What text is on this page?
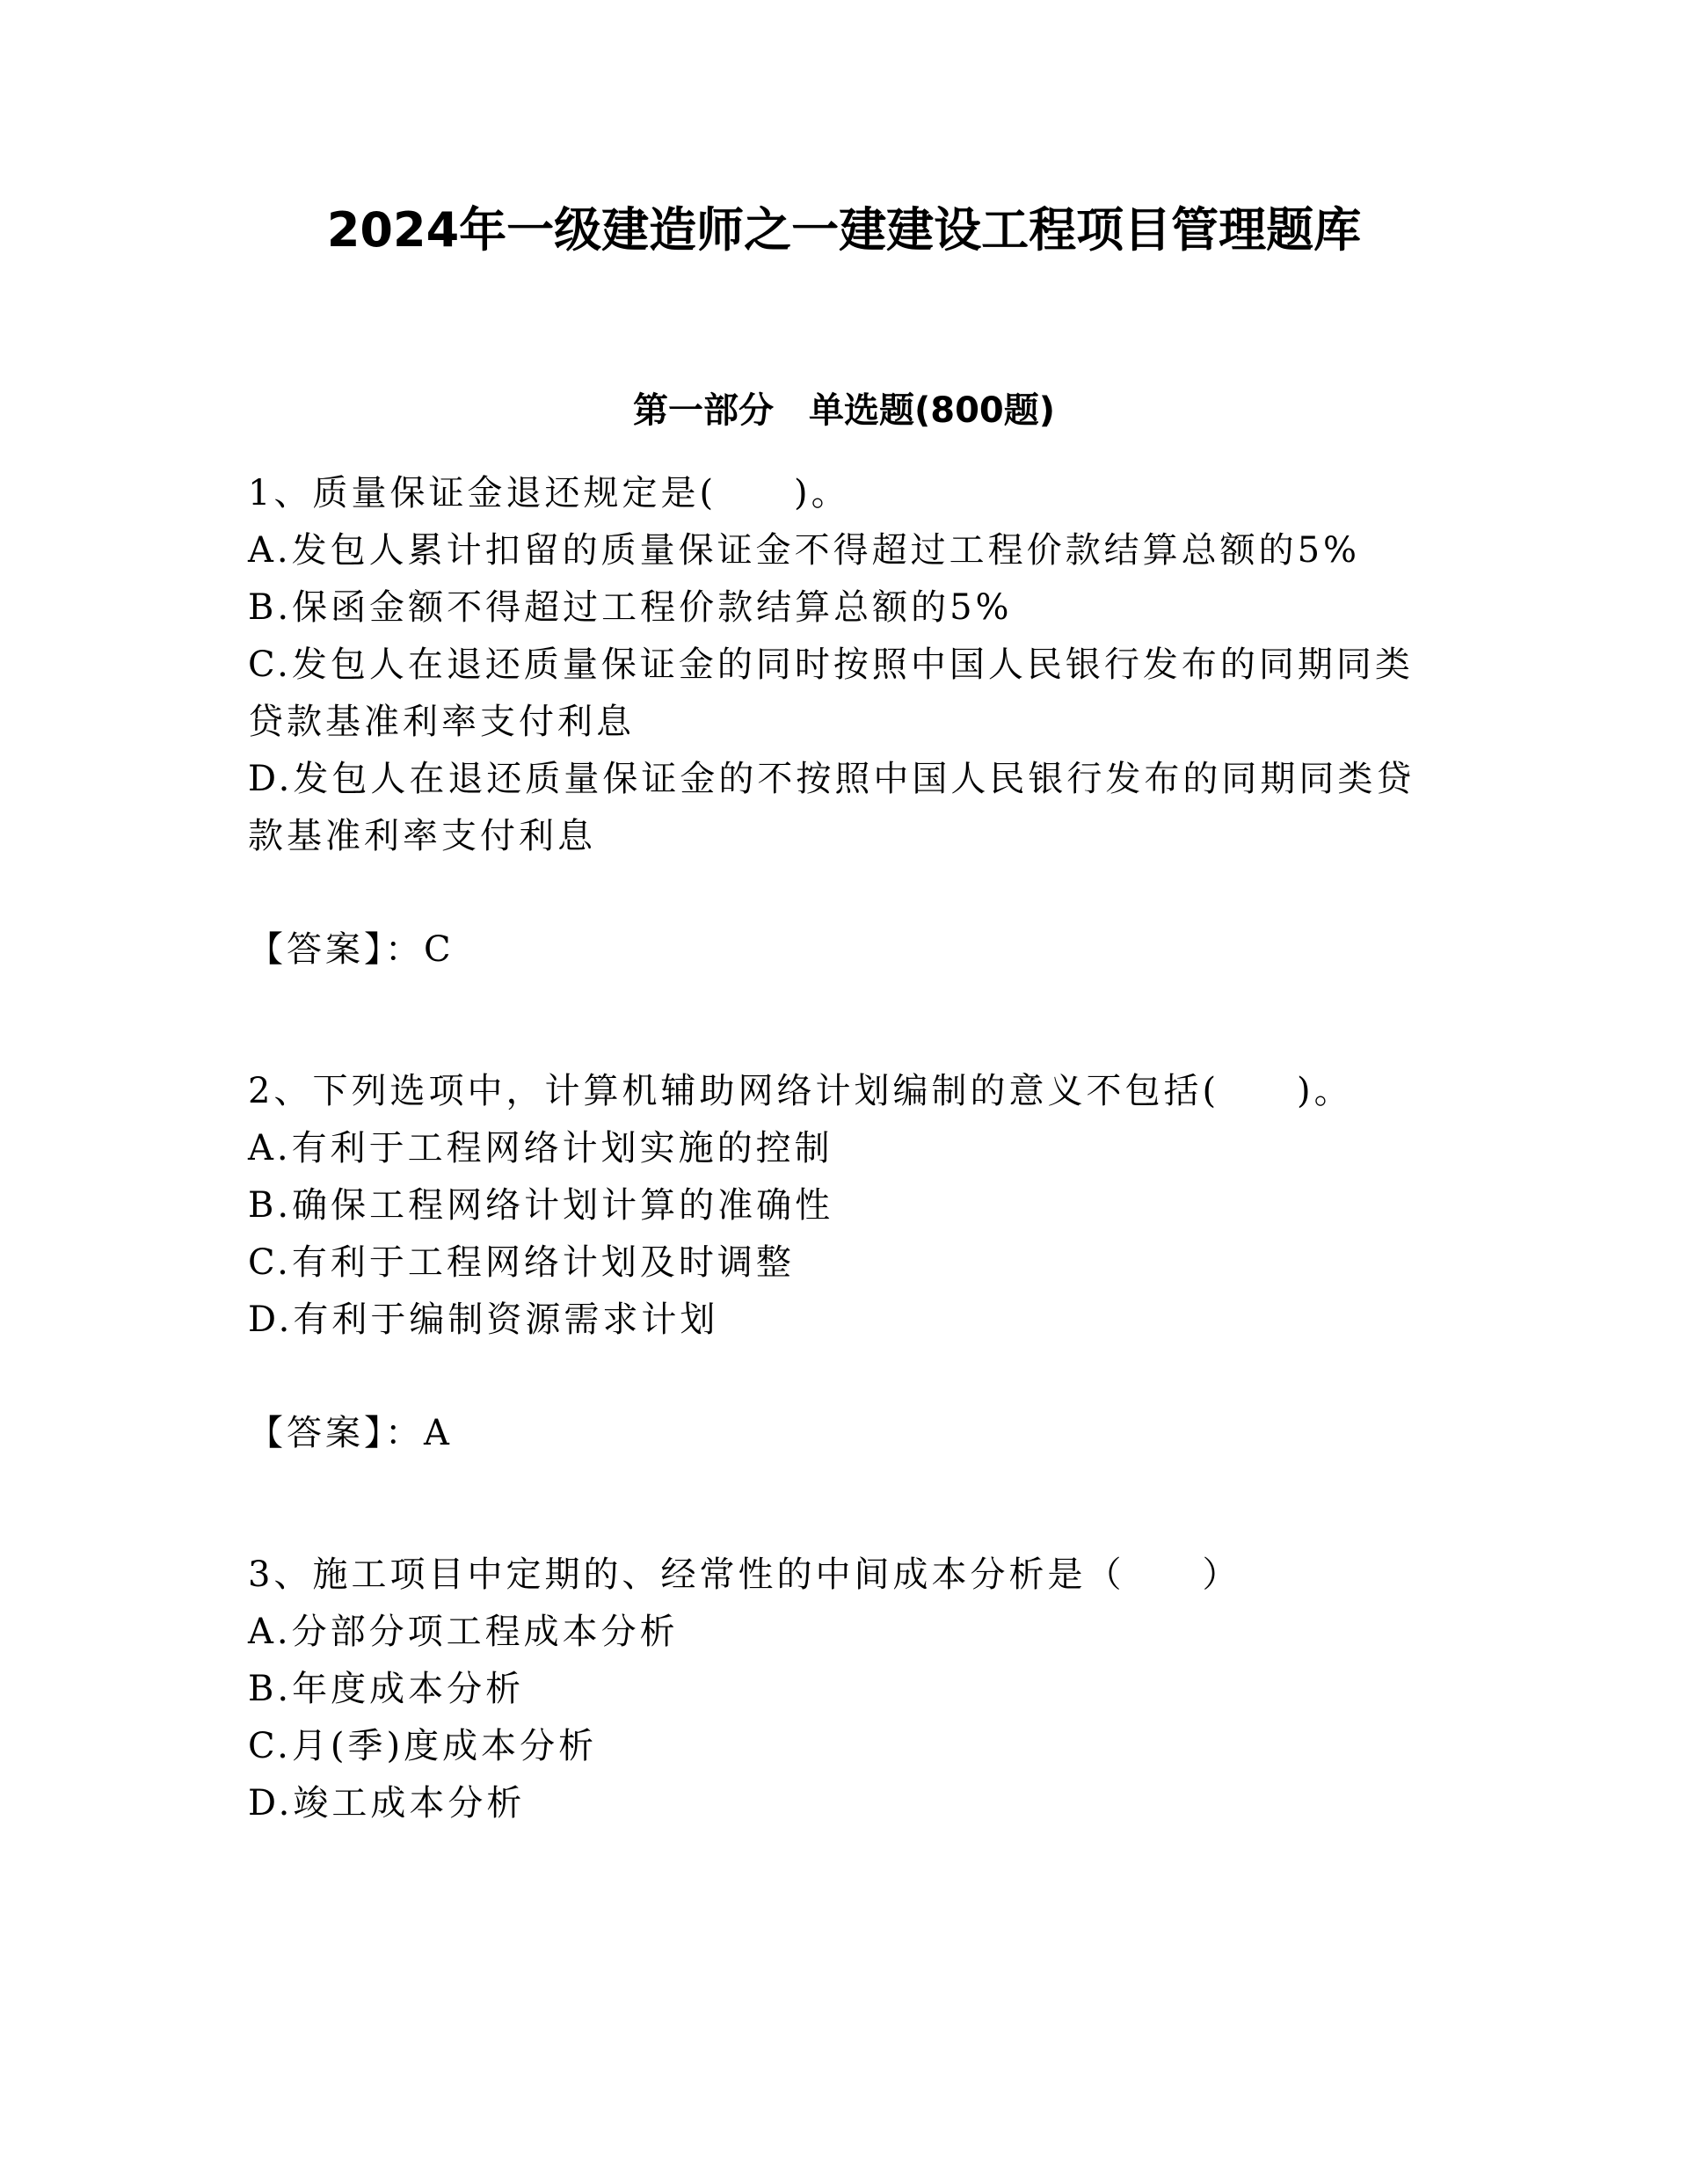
2024年一级建造师之一建建设工程项目管理题库
第一部分　单选题(800题)

1、质量保证金退还规定是(　　)。

A.发包人累计扣留的质量保证金不得超过工程价款结算总额的5%

B.保函金额不得超过工程价款结算总额的5%

C.发包人在退还质量保证金的同时按照中国人民银行发布的同期同类贷款基准利率支付利息

D.发包人在退还质量保证金的不按照中国人民银行发布的同期同类贷款基准利率支付利息

【答案】：C

2、下列选项中，计算机辅助网络计划编制的意义不包括(　　)。

A.有利于工程网络计划实施的控制

B.确保工程网络计划计算的准确性

C.有利于工程网络计划及时调整

D.有利于编制资源需求计划

【答案】：A

3、施工项目中定期的、经常性的中间成本分析是（　　）

A.分部分项工程成本分析

B.年度成本分析

C.月(季)度成本分析

D.竣工成本分析
